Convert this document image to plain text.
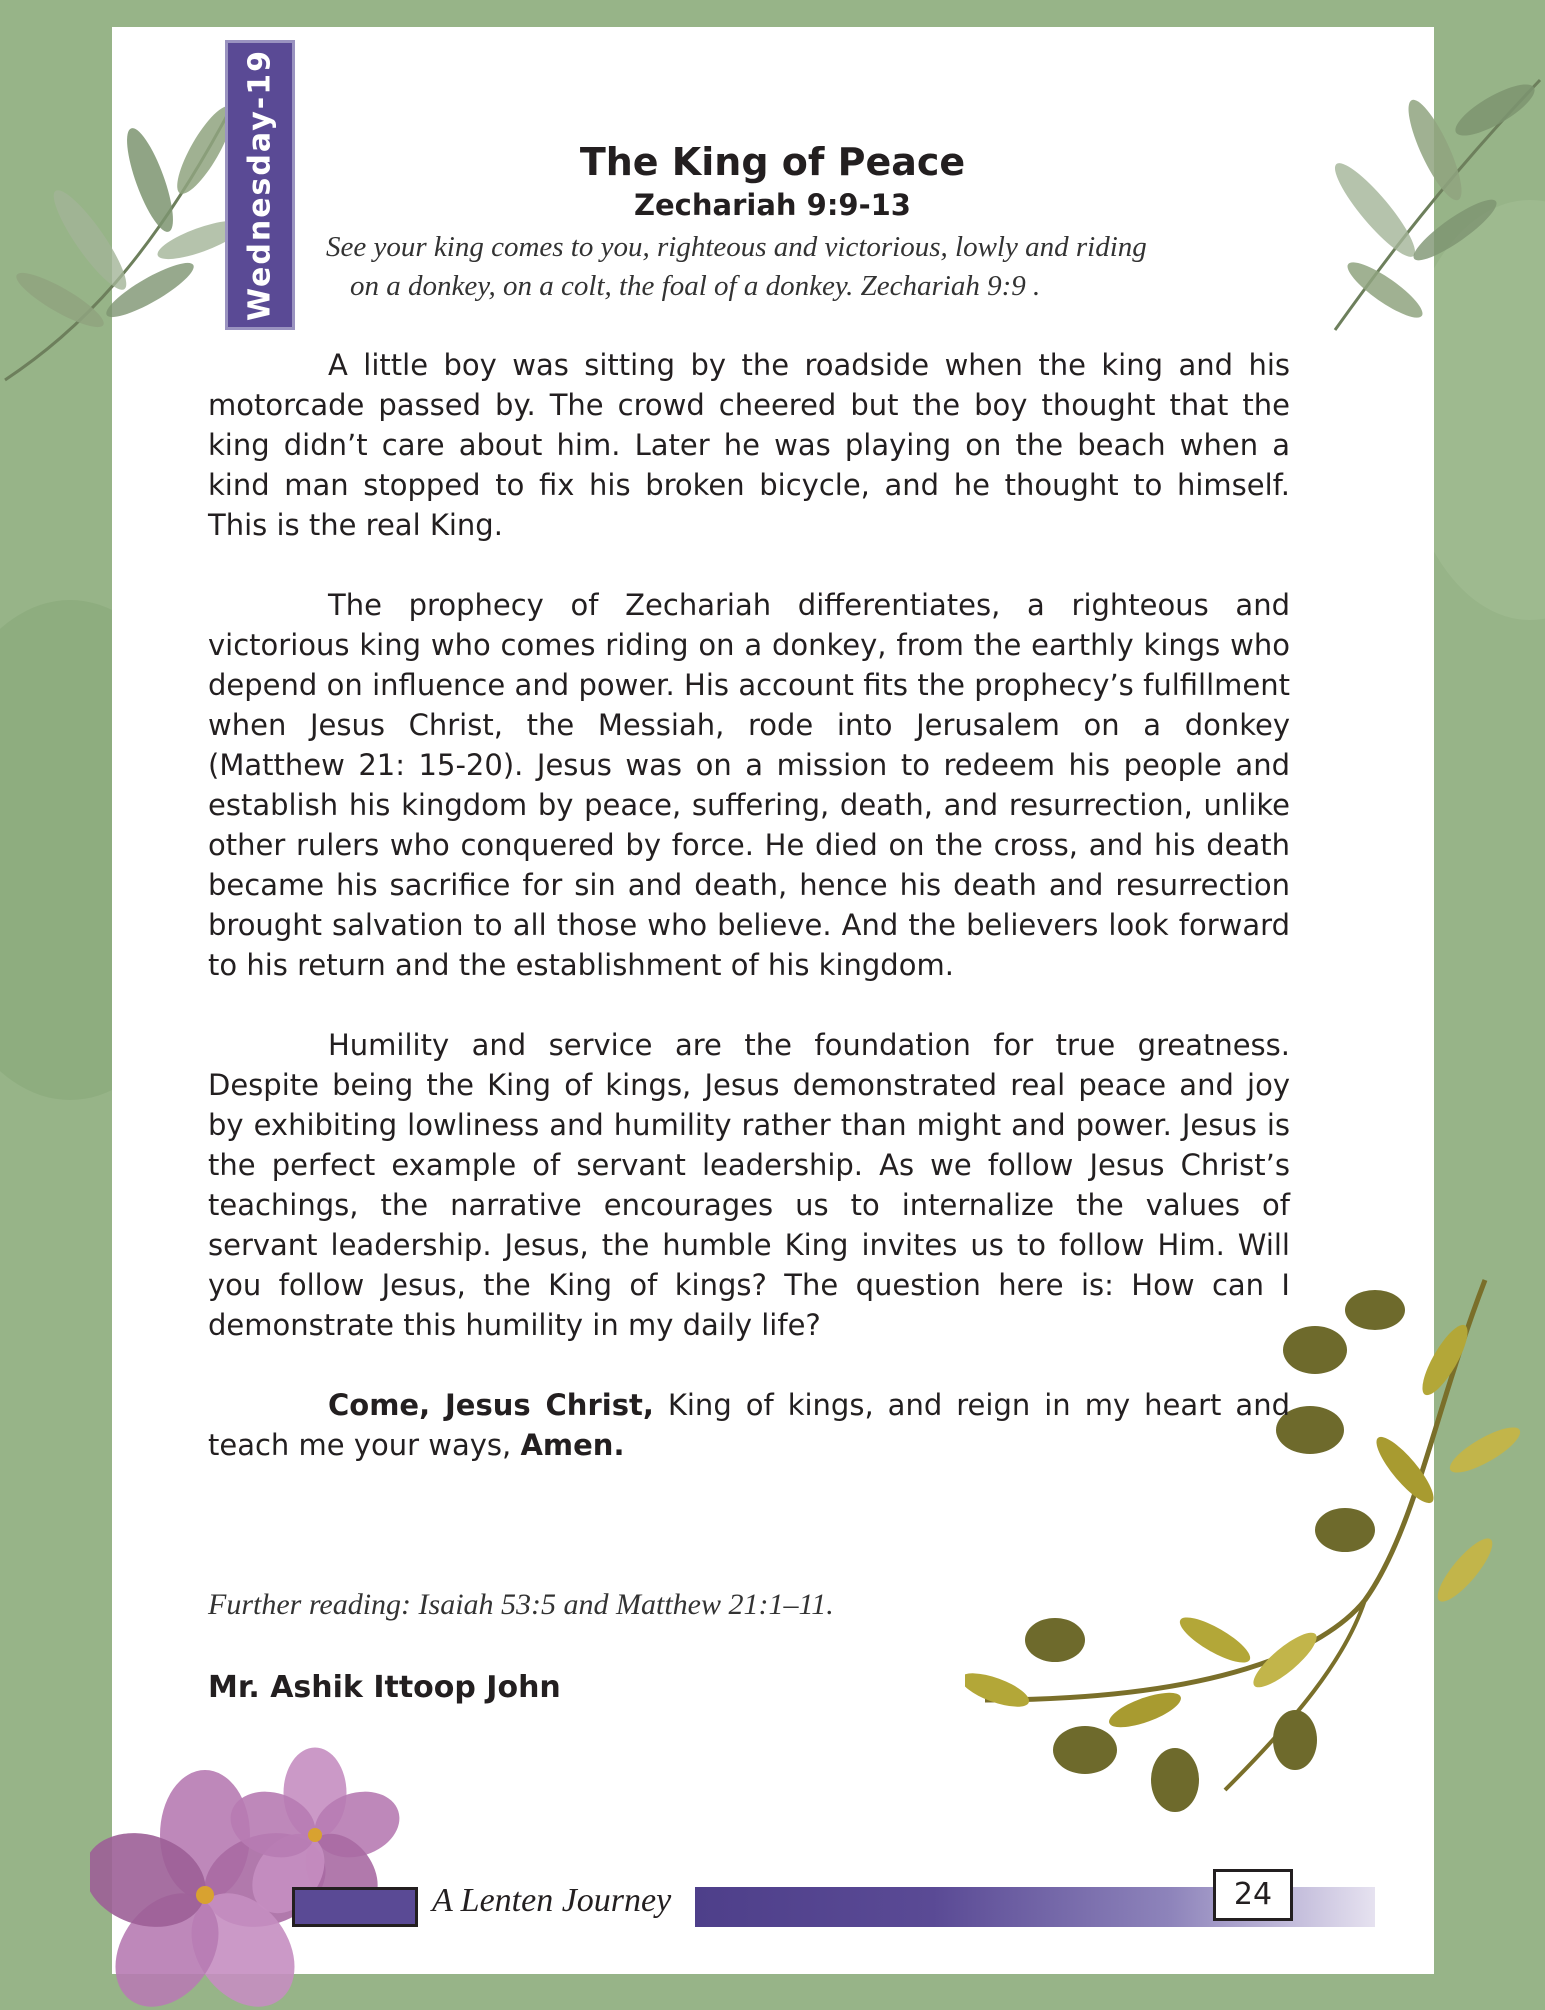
Wednesday-19	The King of Peace
Zechariah 9:9-13
See your king comes to you, righteous and victorious, lowly and riding
on a donkey, on a colt, the foal of a donkey. Zechariah 9:9 .

A little boy was sitting by the roadside when the king and his motorcade passed by. The crowd cheered but the boy thought that the king didn’t care about him. Later he was playing on the beach when a kind man stopped to fix his broken bicycle, and he thought to himself. This is the real King.

The prophecy of Zechariah differentiates, a righteous and victorious king who comes riding on a donkey, from the earthly kings who depend on influence and power. His account fits the prophecy’s fulfillment when Jesus Christ, the Messiah, rode into Jerusalem on a donkey (Matthew 21: 15-20). Jesus was on a mission to redeem his people and establish his kingdom by peace, suffering, death, and resurrection, unlike other rulers who conquered by force. He died on the cross, and his death became his sacrifice for sin and death, hence his death and resurrection brought salvation to all those who believe. And the believers look forward to his return and the establishment of his kingdom.

Humility and service are the foundation for true greatness. Despite being the King of kings, Jesus demonstrated real peace and joy by exhibiting lowliness and humility rather than might and power. Jesus is the perfect example of servant leadership. As we follow Jesus Christ’s teachings, the narrative encourages us to internalize the values of servant leadership. Jesus, the humble King invites us to follow Him. Will you follow Jesus, the King of kings? The question here is: How can I demonstrate this humility in my daily life?

Come, Jesus Christ, King of kings, and reign in my heart and teach me your ways, Amen.

Further reading: Isaiah 53:5 and Matthew 21:1–11.
Mr. Ashik Ittoop John
A Lenten Journey	24
